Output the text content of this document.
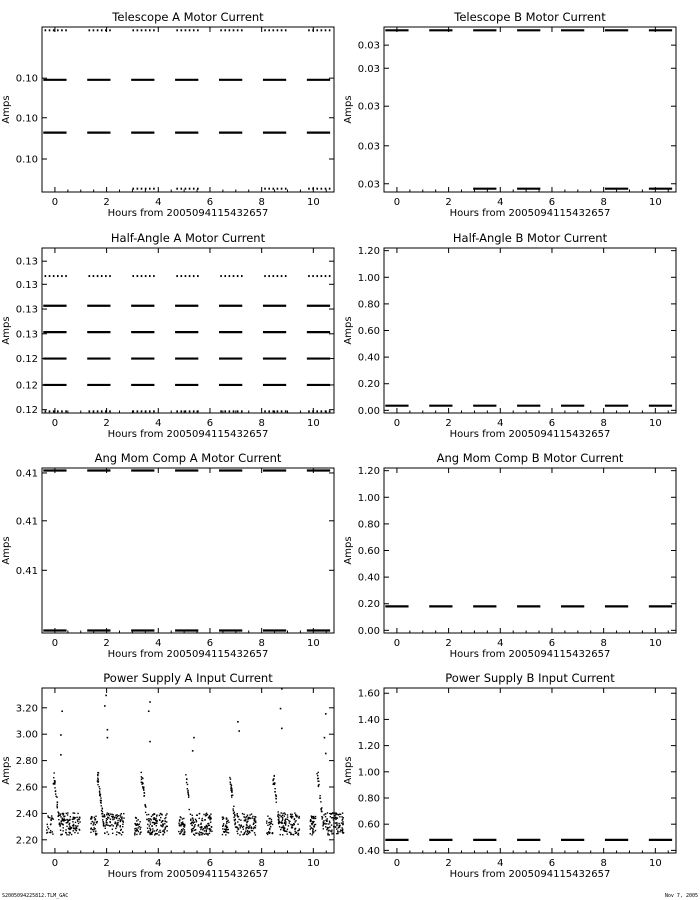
Telescope A Motor Current
Hours from 2005094115432657
Amps
0	2	4	6	8	10
0.10
0.10
0.10
Telescope B Motor Current
Hours from 2005094115432657
Amps
0	2	4	6	8	10
0.03
0.03
0.03
0.03
0.03
Half-Angle A Motor Current
Hours from 2005094115432657
Amps
0	2	4	6	8	10
0.12
0.12
0.12
0.13
0.13
0.13
0.13
Half-Angle B Motor Current
Hours from 2005094115432657
Amps
0	2	4	6	8	10
0.00
0.20
0.40
0.60
0.80
1.00
1.20
Ang Mom Comp A Motor Current
Hours from 2005094115432657
Amps
0	2	4	6	8	10
0.41
0.41
0.41
Ang Mom Comp B Motor Current
Hours from 2005094115432657
Amps
0	2	4	6	8	10
0.00
0.20
0.40
0.60
0.80
1.00
1.20
Power Supply A Input Current
Hours from 2005094115432657
Amps
0	2	4	6	8	10
2.20
2.40
2.60
2.80
3.00
3.20
Power Supply B Input Current
Hours from 2005094115432657
Amps
0	2	4	6	8	10
0.40
0.60
0.80
1.00
1.20
1.40
1.60
S2005094225812.TLM_GAC	Nov 7, 2005
